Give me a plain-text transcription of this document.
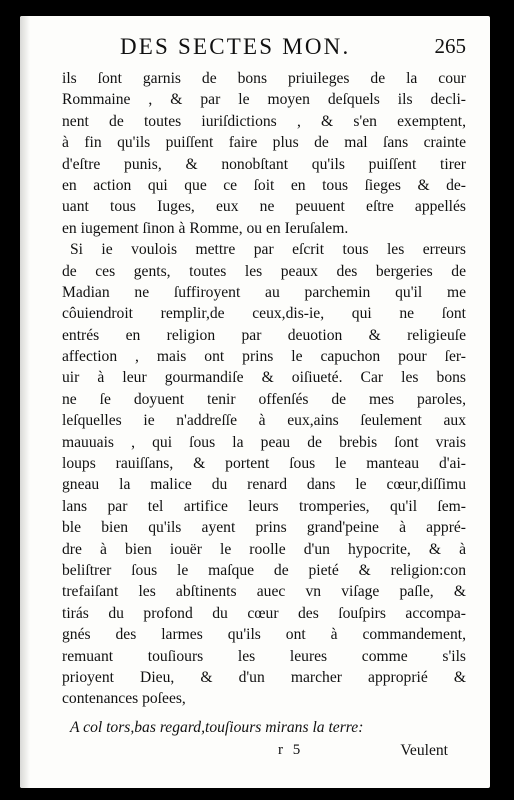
DES SECTES MON.	265
ils ſont garnis de bons priuileges de la cour
Rommaine , & par le moyen deſquels ils decli-
nent de toutes iuriſdictions , & s'en exemptent,
à fin qu'ils puiſſent faire plus de mal ſans crainte
d'eſtre punis, & nonobſtant qu'ils puiſſent tirer
en action qui que ce ſoit en tous ſieges & de-
uant tous Iuges, eux ne peuuent eſtre appellés
en iugement ſinon à Romme, ou en Ieruſalem.
Si ie voulois mettre par eſcrit tous les erreurs
de ces gents, toutes les peaux des bergeries de
Madian ne ſuffiroyent au parchemin qu'il me
côuiendroit remplir,de ceux,dis-ie, qui ne ſont
entrés en religion par deuotion & religieuſe
affection , mais ont prins le capuchon pour ſer-
uir à leur gourmandiſe & oiſiueté. Car les bons
ne ſe doyuent tenir offenſés de mes paroles,
leſquelles ie n'addreſſe à eux,ains ſeulement aux
mauuais , qui ſous la peau de brebis ſont vrais
loups rauiſſans, & portent ſous le manteau d'ai-
gneau la malice du renard dans le cœur,diſſimu
lans par tel artifice leurs tromperies, qu'il ſem-
ble bien qu'ils ayent prins grand'peine à appré-
dre à bien iouër le roolle d'un hypocrite, & à
beliſtrer ſous le maſque de pieté & religion:con
trefaiſant les abſtinents auec vn viſage paſle, &
tirás du profond du cœur des ſouſpirs accompa-
gnés des larmes qu'ils ont à commandement,
remuant touſiours les leures comme s'ils
prioyent Dieu, & d'un marcher approprié &
contenances poſees,
A col tors,bas regard,touſiours mirans la terre:
r 5	Veulent
